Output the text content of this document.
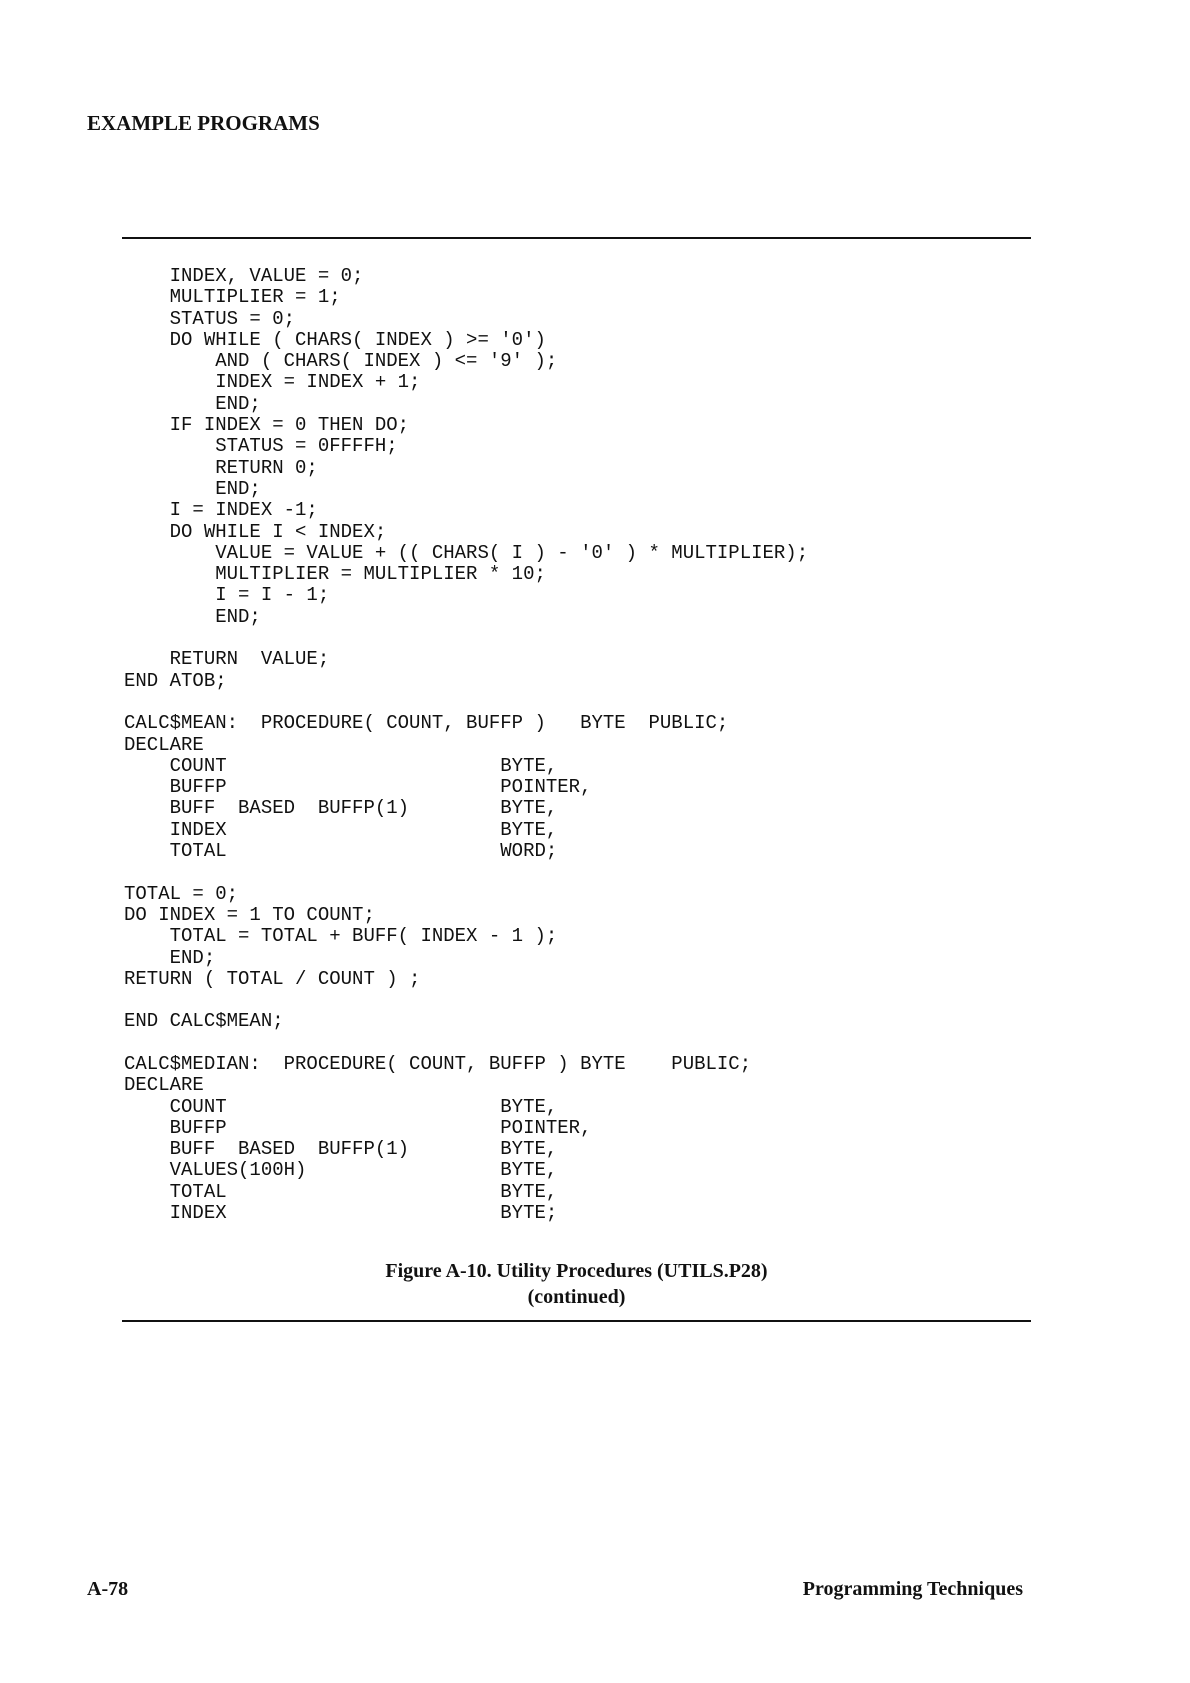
EXAMPLE PROGRAMS
INDEX, VALUE = 0;
MULTIPLIER = 1;
STATUS = 0;
DO WHILE ( CHARS( INDEX ) >= '0')
AND ( CHARS( INDEX ) <= '9' );
INDEX = INDEX + 1;
END;
IF INDEX = 0 THEN DO;
STATUS = 0FFFFH;
RETURN 0;
END;
I = INDEX -1;
DO WHILE I < INDEX;
VALUE = VALUE + (( CHARS( I ) - '0' ) * MULTIPLIER);
MULTIPLIER = MULTIPLIER * 10;
I = I - 1;
END;
RETURN  VALUE;
END ATOB;
CALC$MEAN:  PROCEDURE( COUNT, BUFFP )   BYTE  PUBLIC;
DECLARE
COUNT                        BYTE,
BUFFP                        POINTER,
BUFF  BASED  BUFFP(1)        BYTE,
INDEX                        BYTE,
TOTAL                        WORD;
TOTAL = 0;
DO INDEX = 1 TO COUNT;
TOTAL = TOTAL + BUFF( INDEX - 1 );
END;
RETURN ( TOTAL / COUNT ) ;
END CALC$MEAN;
CALC$MEDIAN:  PROCEDURE( COUNT, BUFFP ) BYTE    PUBLIC;
DECLARE
COUNT                        BYTE,
BUFFP                        POINTER,
BUFF  BASED  BUFFP(1)        BYTE,
VALUES(100H)                 BYTE,
TOTAL                        BYTE,
INDEX                        BYTE;
Figure A-10. Utility Procedures (UTILS.P28)
(continued)
A-78	Programming Techniques
